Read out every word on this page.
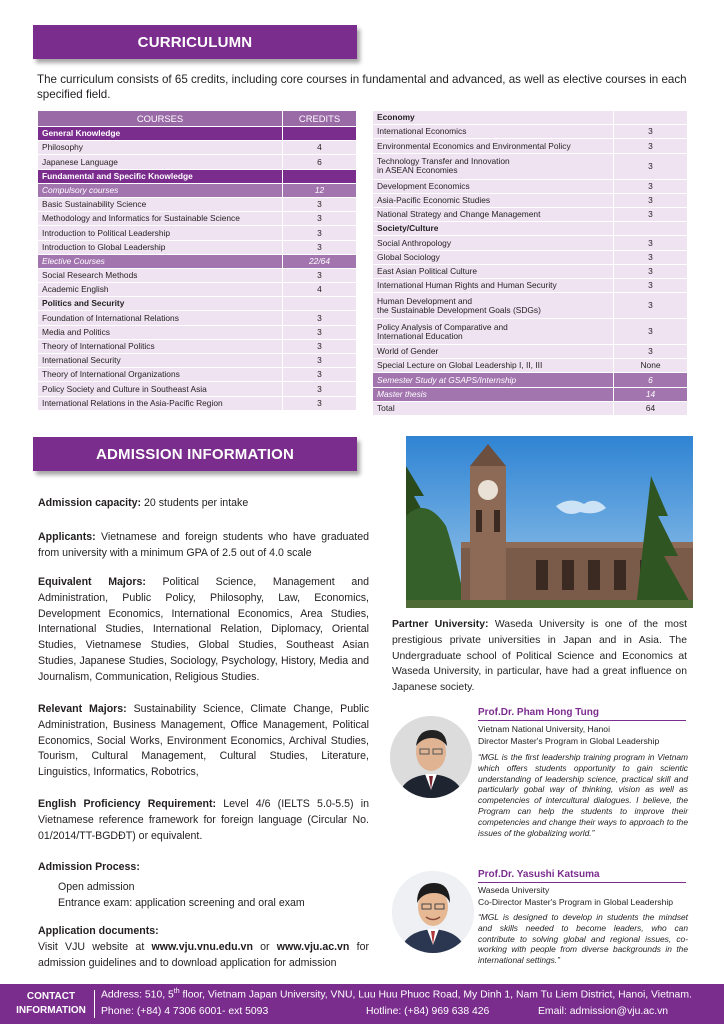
CURRICULUMN

The curriculum consists of 65 credits, including core courses in fundamental and advanced, as well as elective courses in each specified field.

COURSES	CREDITS
General Knowledge	
Philosophy	4
Japanese Language	6
Fundamental and Specific Knowledge	
Compulsory courses	12
Basic Sustainability Science	3
Methodology and Informatics for Sustainable Science	3
Introduction to Political Leadership	3
Introduction to Global Leadership	3
Elective Courses	22/64
Social Research Methods	3
Academic English	4
Politics and Security	
Foundation of International Relations	3
Media and Politics	3
Theory of International Politics	3
International Security	3
Theory of International Organizations	3
Policy Society and Culture in Southeast Asia	3
International Relations in the Asia-Pacific Region	3
Economy	
International Economics	3
Environmental Economics and Environmental Policy	3
Technology Transfer and Innovation
in ASEAN Economies	3
Development Economics	3
Asia-Pacific Economic Studies	3
National Strategy and Change Management	3
Society/Culture	
Social Anthropology	3
Global Sociology	3
East Asian Political Culture	3
International Human Rights and Human Security	3
Human Development and
the Sustainable Development Goals (SDGs)	3
Policy Analysis of Comparative and
International Education	3
World of Gender	3
Special Lecture on Global Leadership I, II, III	None
Semester Study at GSAPS/Internship	6
Master thesis	14
Total	64
ADMISSION INFORMATION

Admission capacity: 20 students per intake

Applicants: Vietnamese and foreign students who have graduated from university with a minimum GPA of 2.5 out of 4.0 scale

Equivalent Majors: Political Science, Management and Administration, Public Policy, Philosophy, Law, Economics, Development Economics, International Economics, Area Studies, International Studies, International Relation, Diplomacy, Oriental Studies, Vietnamese Studies, Global Studies, Southeast Asian Studies, Japanese Studies, Sociology, Psychology, History, Media and Journalism, Communication, Religious Studies.

Relevant Majors: Sustainability Science, Climate Change, Public Administration, Business Management, Office Management, Political Economics, Social Works, Environment Economics, Archival Studies, Tourism, Cultural Management, Cultural Studies, Literature, Linguistics, Informatics, Robotrics,

English Proficiency Requirement: Level 4/6 (IELTS 5.0-5.5) in Vietnamese reference framework for foreign language (Circular No. 01/2014/TT-BGDĐT) or equivalent.

Admission Process:

Open admission

Entrance exam: application screening and oral exam

Application documents:

Visit VJU website at www.vju.vnu.edu.vn or www.vju.ac.vn for admission guidelines and to download application for admission

Partner University: Waseda University is one of the most prestigious private universities in Japan and in Asia. The Undergraduate school of Political Science and Economics at Waseda University, in particular, have had a great influence on Japanese society.

Prof.Dr. Pham Hong Tung
Vietnam National University, Hanoi
Director Master's Program in Global Leadership

“MGL is the first leadership training program in Vietnam which offers students opportunity to gain scientic understanding of leadership science, practical skill and particularly gobal way of thinking, vision as well as competencies of intercultural dialogues. I believe, the Program can help the students to improve their competencies and change their ways to approach to the issues of the globalizing world.”

Prof.Dr. Yasushi Katsuma
Waseda University
Co-Director Master's Program in Global Leadership

“MGL is designed to develop in students the mindset and skills needed to become leaders, who can contribute to solving global and regional issues, co-working with people from diverse backgrounds in the international settings.”

CONTACT
INFORMATION
Address: 510, 5th floor, Vietnam Japan University, VNU, Luu Huu Phuoc Road, My Dinh 1, Nam Tu Liem District, Hanoi, Vietnam.
Phone: (+84) 4 7306 6001- ext 5093	Hotline: (+84) 969 638 426	Email: admission@vju.ac.vn
